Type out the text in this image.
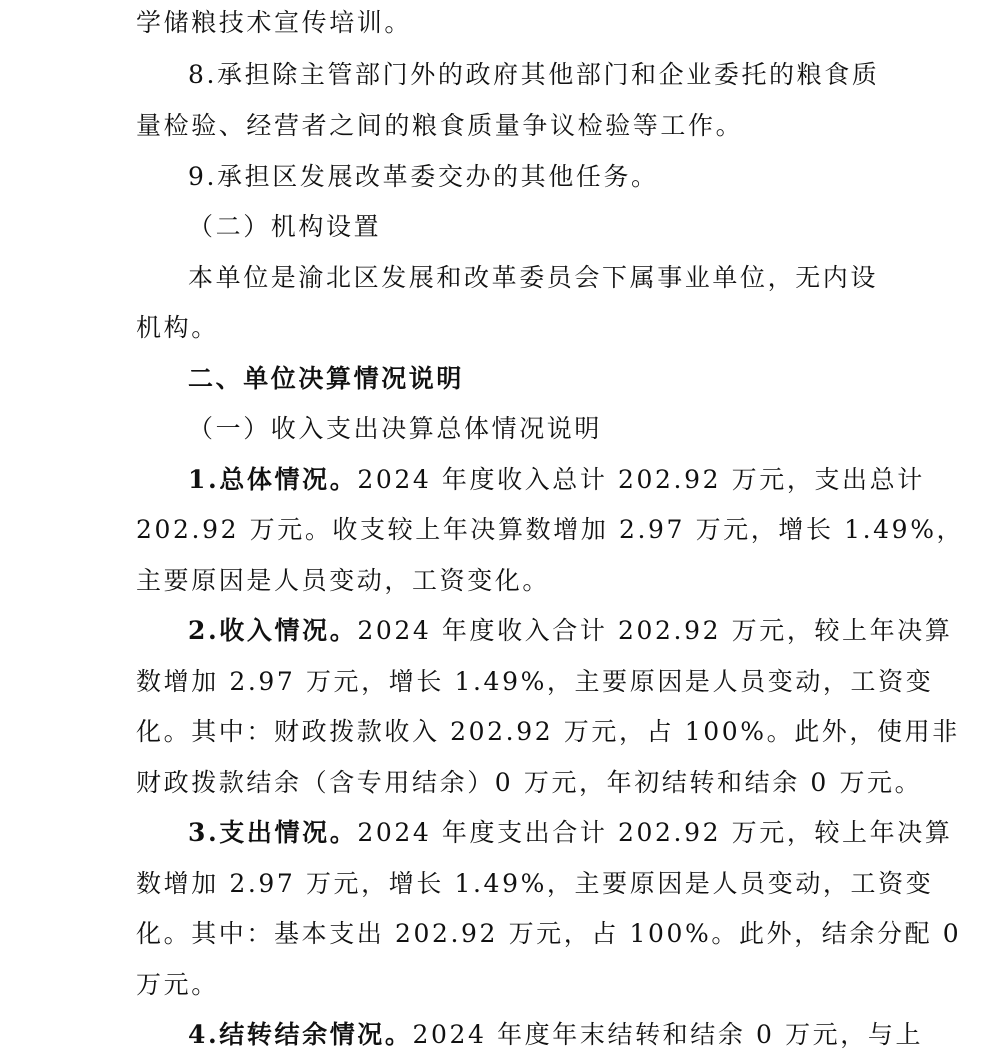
学储粮技术宣传培训。
8.承担除主管部门外的政府其他部门和企业委托的粮食质
量检验、经营者之间的粮食质量争议检验等工作。
9.承担区发展改革委交办的其他任务。
（二）机构设置
本单位是渝北区发展和改革委员会下属事业单位，无内设
机构。
二、单位决算情况说明
（一）收入支出决算总体情况说明
1.总体情况。2024 年度收入总计 202.92 万元，支出总计
202.92 万元。收支较上年决算数增加 2.97 万元，增长 1.49%，
主要原因是人员变动，工资变化。
2.收入情况。2024 年度收入合计 202.92 万元，较上年决算
数增加 2.97 万元，增长 1.49%，主要原因是人员变动，工资变
化。其中：财政拨款收入 202.92 万元，占 100%。此外，使用非
财政拨款结余（含专用结余）0 万元，年初结转和结余 0 万元。
3.支出情况。2024 年度支出合计 202.92 万元，较上年决算
数增加 2.97 万元，增长 1.49%，主要原因是人员变动，工资变
化。其中：基本支出 202.92 万元，占 100%。此外，结余分配 0
万元。
4.结转结余情况。2024 年度年末结转和结余 0 万元，与上
